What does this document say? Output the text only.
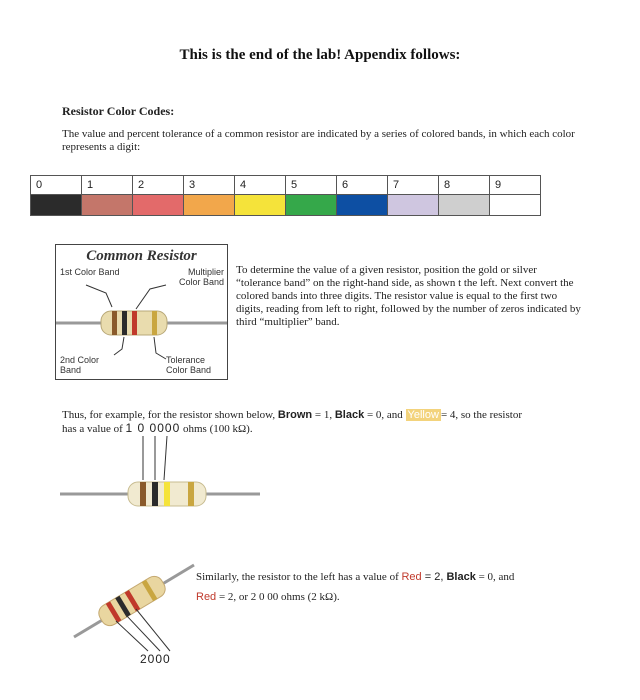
This is the end of the lab! Appendix follows:
Resistor Color Codes:
The value and percent tolerance of a common resistor are indicated by a series of colored bands, in which each color represents a digit:
0	1	2	3	4	5	6	7	8	9

Common Resistor
1st Color Band	Multiplier Color Band
2nd Color Band
Tolerance Color Band
To determine the value of a given resistor, position the gold or silver “tolerance band” on the right-hand side, as shown t the left. Next convert the colored bands into three digits. The resistor value is equal to the first two digits, reading from left to right, followed by the number of zeros indicated by third “multiplier” band.
Thus, for example, for the resistor shown below, Brown = 1, Black = 0, and Yellow = 4, so the resistor
has a value of 1 0 0000 ohms (100 kΩ).
Similarly, the resistor to the left has a value of Red = 2, Black = 0, and
Red = 2, or 2 0 00 ohms (2 kΩ).
2000
